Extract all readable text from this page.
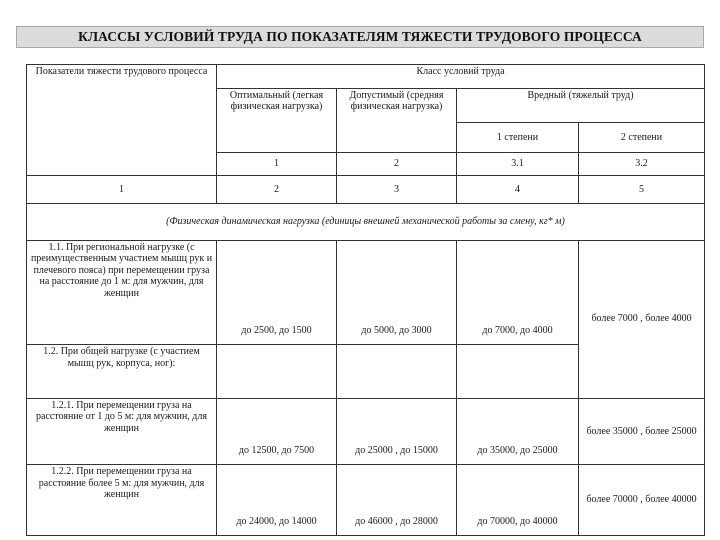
КЛАССЫ УСЛОВИЙ ТРУДА ПО ПОКАЗАТЕЛЯМ ТЯЖЕСТИ ТРУДОВОГО ПРОЦЕССА
Показатели тяжести трудового процесса	Класс условий труда			
	Оптимальный (легкая физическая нагрузка)	Допустимый (средняя физическая нагрузка)	Вредный (тяжелый труд)	
			1 степени	2 степени
	1	2	3.1	3.2
1	2	3	4	5
(Физическая динамическая нагрузка (единицы внешней механической работы за смену, кг* м)				
1.1. При региональной нагрузке (с преимущественным участием мышц рук и плечевого пояса) при перемещении груза на расстояние до 1 м: для мужчин, для женщин	до 2500, до 1500	до 5000, до 3000	до 7000, до 4000	более 7000 , более 4000
1.2. При общей нагрузке (с участием мышц рук, корпуса, ног):				
1.2.1. При перемещении груза на расстояние от 1 до 5 м: для мужчин, для женщин	до 12500, до 7500	до 25000 , до 15000	до 35000, до 25000	более 35000 , более 25000
1.2.2. При перемещении груза на расстояние более 5 м: для мужчин, для женщин	до 24000, до 14000	до 46000 , до 28000	до 70000, до 40000	более 70000 , более 40000
